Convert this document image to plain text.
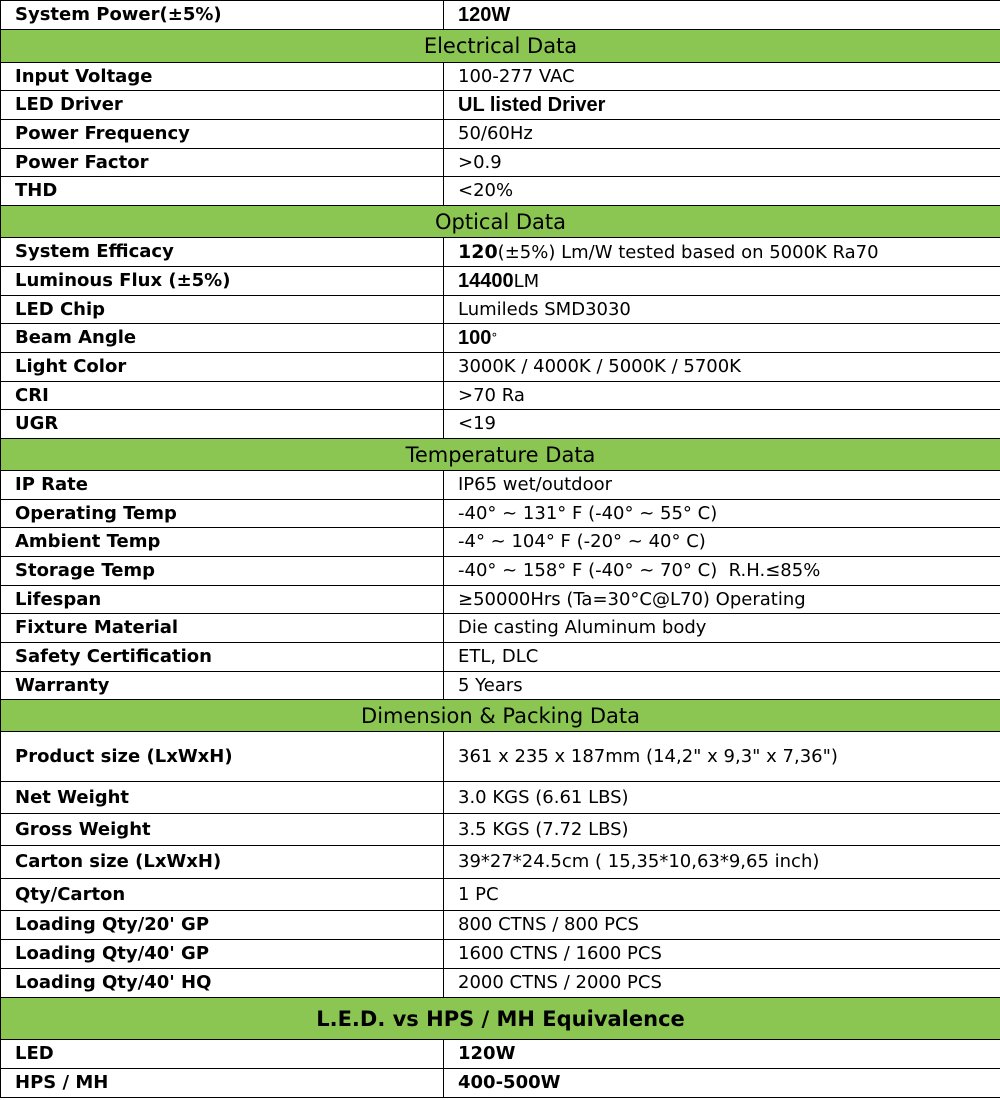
System Power(±5%)	120W
Electrical Data	
Input Voltage	100-277 VAC
LED Driver	UL listed Driver
Power Frequency	50/60Hz
Power Factor	>0.9
THD	<20%
Optical Data	
System Efficacy	120(±5%) Lm/W tested based on 5000K Ra70
Luminous Flux (±5%)	14400LM
LED Chip	Lumileds SMD3030
Beam Angle	100°
Light Color	3000K / 4000K / 5000K / 5700K
CRI	>70 Ra
UGR	<19
Temperature Data	
IP Rate	IP65 wet/outdoor
Operating Temp	-40° ~ 131° F (-40° ~ 55° C)
Ambient Temp	-4° ~ 104° F (-20° ~ 40° C)
Storage Temp	-40° ~ 158° F (-40° ~ 70° C)  R.H.≤85%
Lifespan	≥50000Hrs (Ta=30°C@L70) Operating
Fixture Material	Die casting Aluminum body
Safety Certification	ETL, DLC
Warranty	5 Years
Dimension & Packing Data	
Product size (LxWxH)	361 x 235 x 187mm (14,2" x 9,3" x 7,36")
Net Weight	3.0 KGS (6.61 LBS)
Gross Weight	3.5 KGS (7.72 LBS)
Carton size (LxWxH)	39*27*24.5cm ( 15,35*10,63*9,65 inch)
Qty/Carton	1 PC
Loading Qty/20' GP	800 CTNS / 800 PCS
Loading Qty/40' GP	1600 CTNS / 1600 PCS
Loading Qty/40' HQ	2000 CTNS / 2000 PCS
L.E.D. vs HPS / MH Equivalence	
LED	120W
HPS / MH	400-500W
